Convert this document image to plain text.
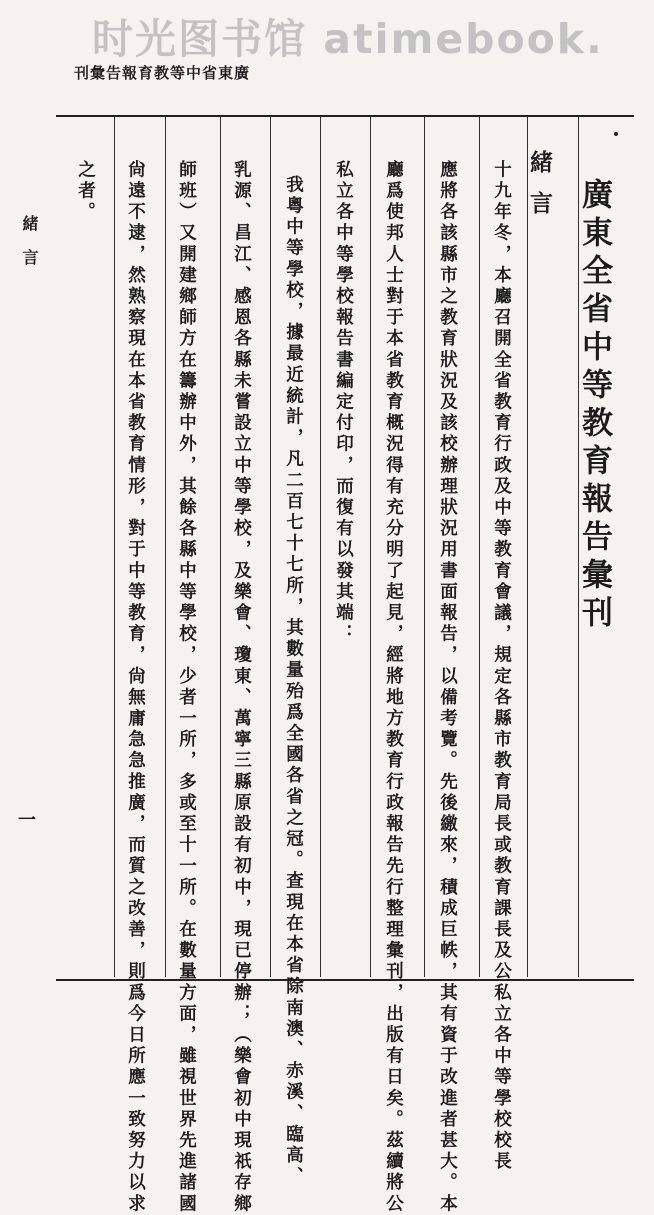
时光图书馆 atimebook.
刊彙告報育教等中省東廣
廣東全省中等教育報告彙刊
緒言
十九年冬，本廳召開全省教育行政及中等教育會議，規定各縣市教育局長或教育課長及公私立各中等學校校長
應將各該縣市之教育狀況及該校辦理狀況用書面報告，以備考覽。先後繳來，積成巨帙，其有資于改進者甚大。本
廳爲使邦人士對于本省教育概況得有充分明了起見，經將地方教育行政報告先行整理彙刊，出版有日矣。茲續將公
私立各中等學校報告書編定付印，而復有以發其端：
我粵中等學校，據最近統計，凡二百七十七所，其數量殆爲全國各省之冠。查現在本省除南澳、赤溪、臨高、
乳源、昌江、感恩各縣未嘗設立中等學校，及樂會、瓊東、萬寧三縣原設有初中，現已停辦；（樂會初中現祇存鄉
師班）又開建鄉師方在籌辦中外，其餘各縣中等學校，少者一所，多或至十一所。在數量方面，雖視世界先進諸國
尙遠不逮，然熟察現在本省教育情形，對于中等教育，尙無庸急急推廣，而質之改善，則爲今日所應一致努力以求
之者。
緒言
一
